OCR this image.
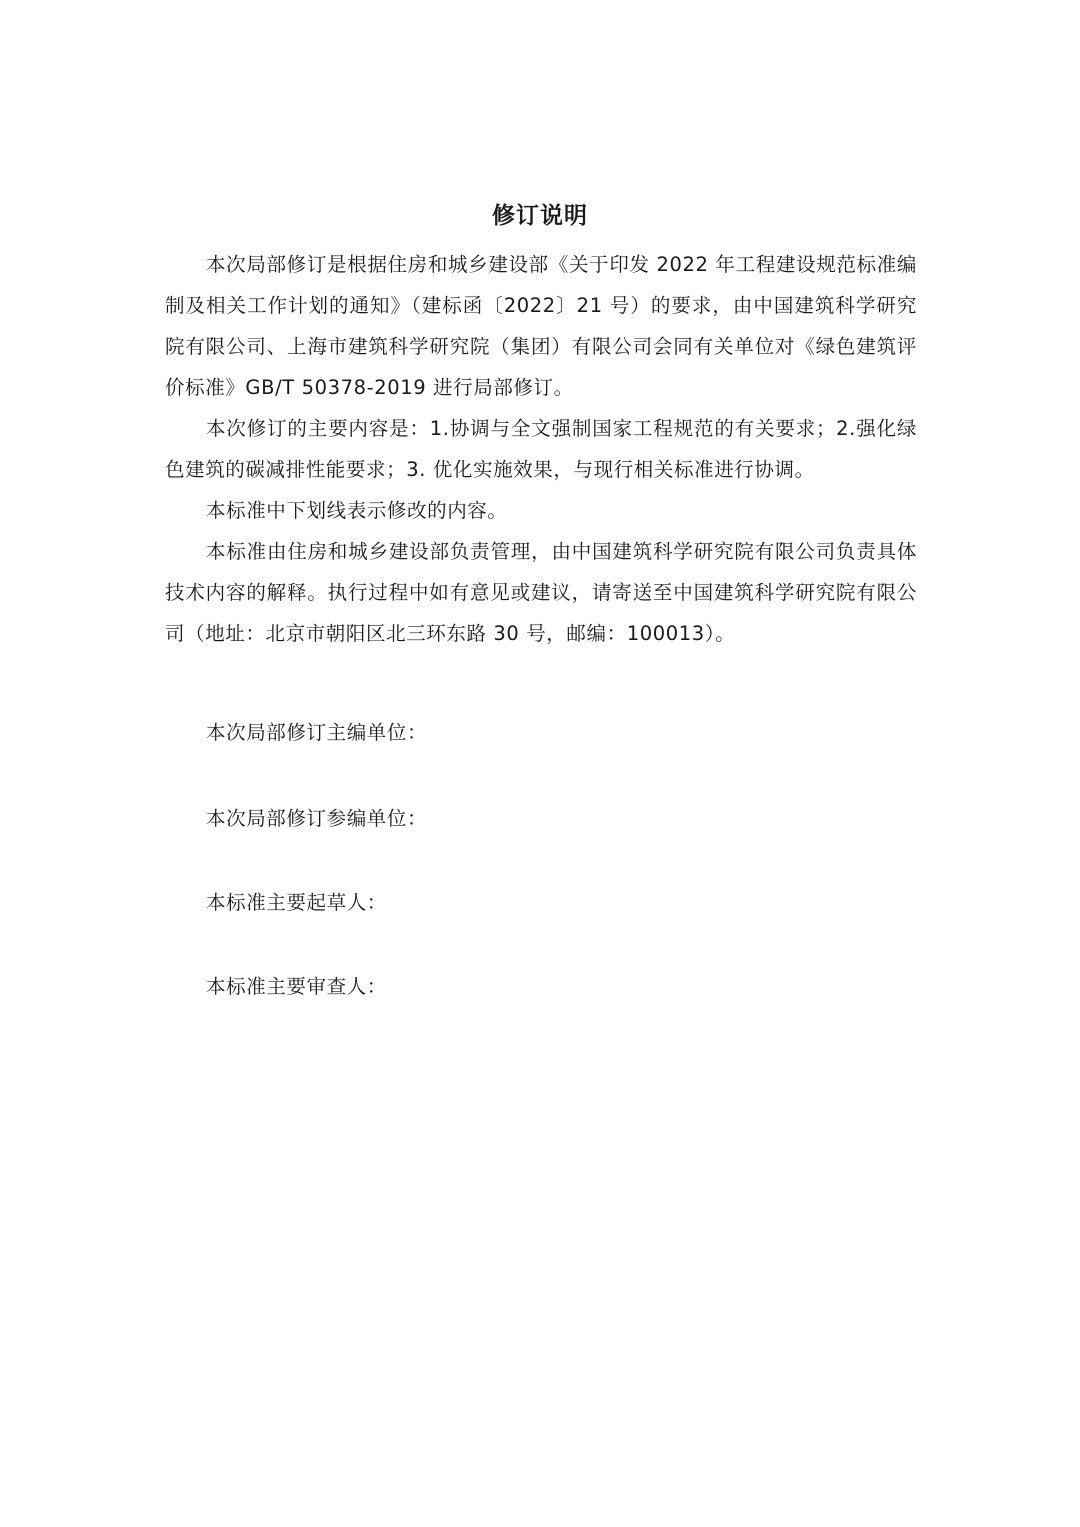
修订说明

本次局部修订是根据住房和城乡建设部《关于印发 2022 年工程建设规范标准编制及相关工作计划的通知》（建标函〔2022〕21 号）的要求，由中国建筑科学研究院有限公司、上海市建筑科学研究院（集团）有限公司会同有关单位对《绿色建筑评价标准》GB/T 50378-2019 进行局部修订。

本次修订的主要内容是：1.协调与全文强制国家工程规范的有关要求；2.强化绿色建筑的碳减排性能要求；3. 优化实施效果，与现行相关标准进行协调。

本标准中下划线表示修改的内容。

本标准由住房和城乡建设部负责管理，由中国建筑科学研究院有限公司负责具体技术内容的解释。执行过程中如有意见或建议，请寄送至中国建筑科学研究院有限公司（地址：北京市朝阳区北三环东路 30 号，邮编：100013）。

本次局部修订主编单位：
本次局部修订参编单位：
本标准主要起草人：
本标准主要审查人：
